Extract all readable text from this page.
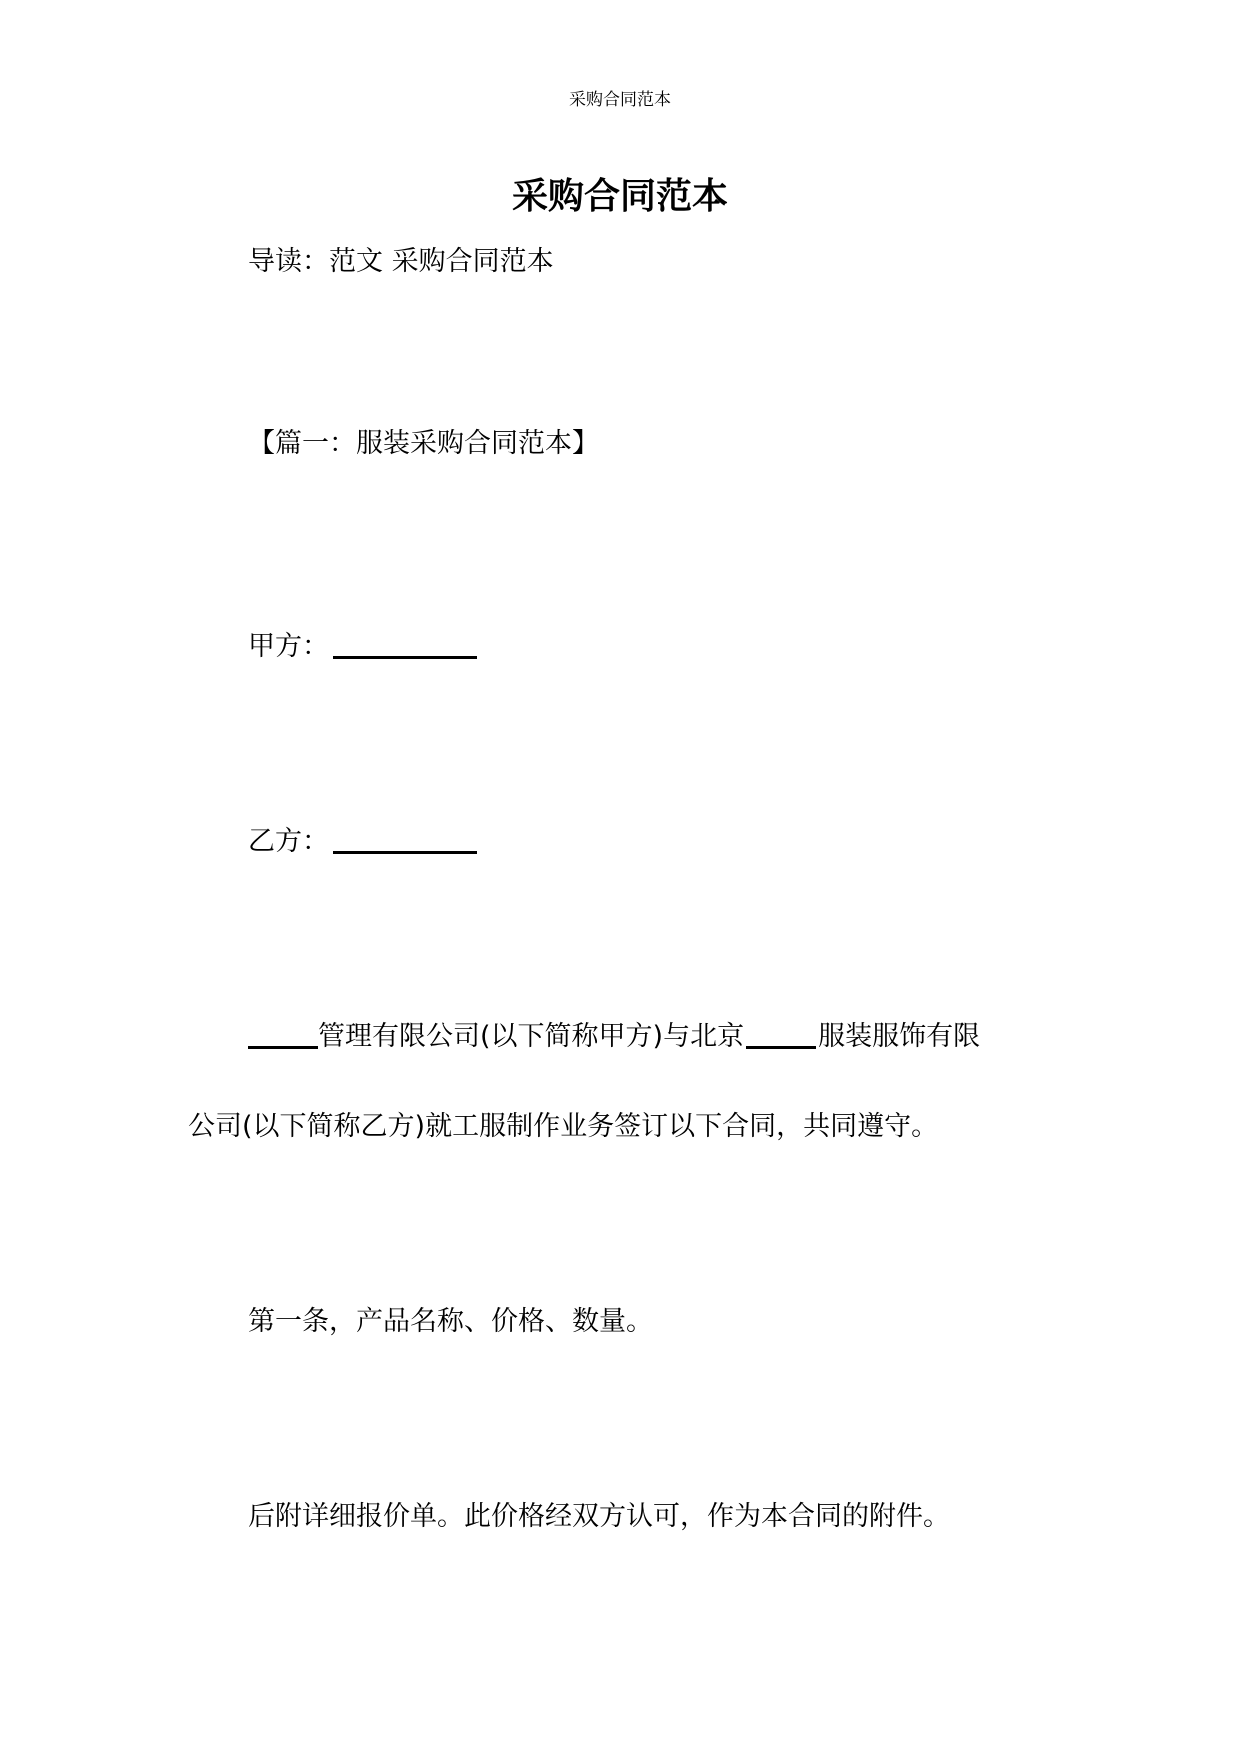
采购合同范本
采购合同范本
导读：范文 采购合同范本
【篇一：服装采购合同范本】
甲方：
乙方：
管理有限公司(以下简称甲方)与北京	服装服饰有限
公司(以下简称乙方)就工服制作业务签订以下合同，共同遵守。
第一条，产品名称、价格、数量。
后附详细报价单。此价格经双方认可，作为本合同的附件。
